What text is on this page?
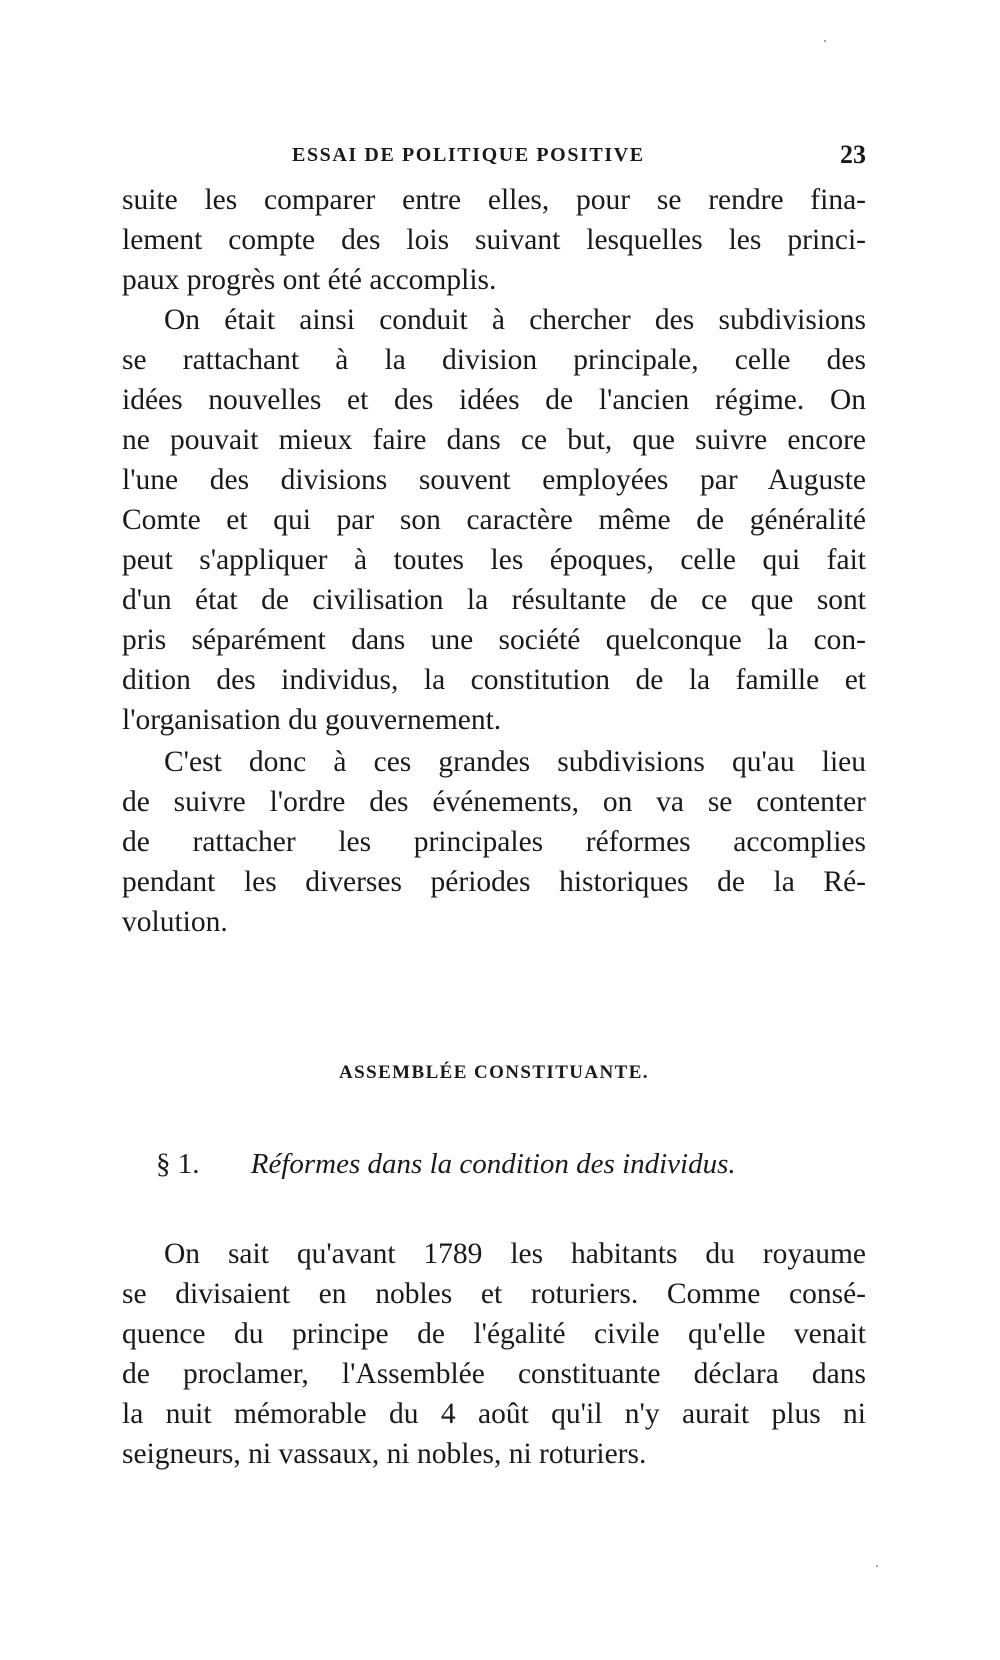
ESSAI DE POLITIQUE POSITIVE	23
suite les comparer entre elles, pour se rendre fina-
lement compte des lois suivant lesquelles les princi-
paux progrès ont été accomplis.
On était ainsi conduit à chercher des subdivisions
se rattachant à la division principale, celle des
idées nouvelles et des idées de l'ancien régime. On
ne pouvait mieux faire dans ce but, que suivre encore
l'une des divisions souvent employées par Auguste
Comte et qui par son caractère même de généralité
peut s'appliquer à toutes les époques, celle qui fait
d'un état de civilisation la résultante de ce que sont
pris séparément dans une société quelconque la con-
dition des individus, la constitution de la famille et
l'organisation du gouvernement.
C'est donc à ces grandes subdivisions qu'au lieu
de suivre l'ordre des événements, on va se contenter
de rattacher les principales réformes accomplies
pendant les diverses périodes historiques de la Ré-
volution.
ASSEMBLÉE CONSTITUANTE.
§ 1. Réformes dans la condition des individus.
On sait qu'avant 1789 les habitants du royaume
se divisaient en nobles et roturiers. Comme consé-
quence du principe de l'égalité civile qu'elle venait
de proclamer, l'Assemblée constituante déclara dans
la nuit mémorable du 4 août qu'il n'y aurait plus ni
seigneurs, ni vassaux, ni nobles, ni roturiers.
